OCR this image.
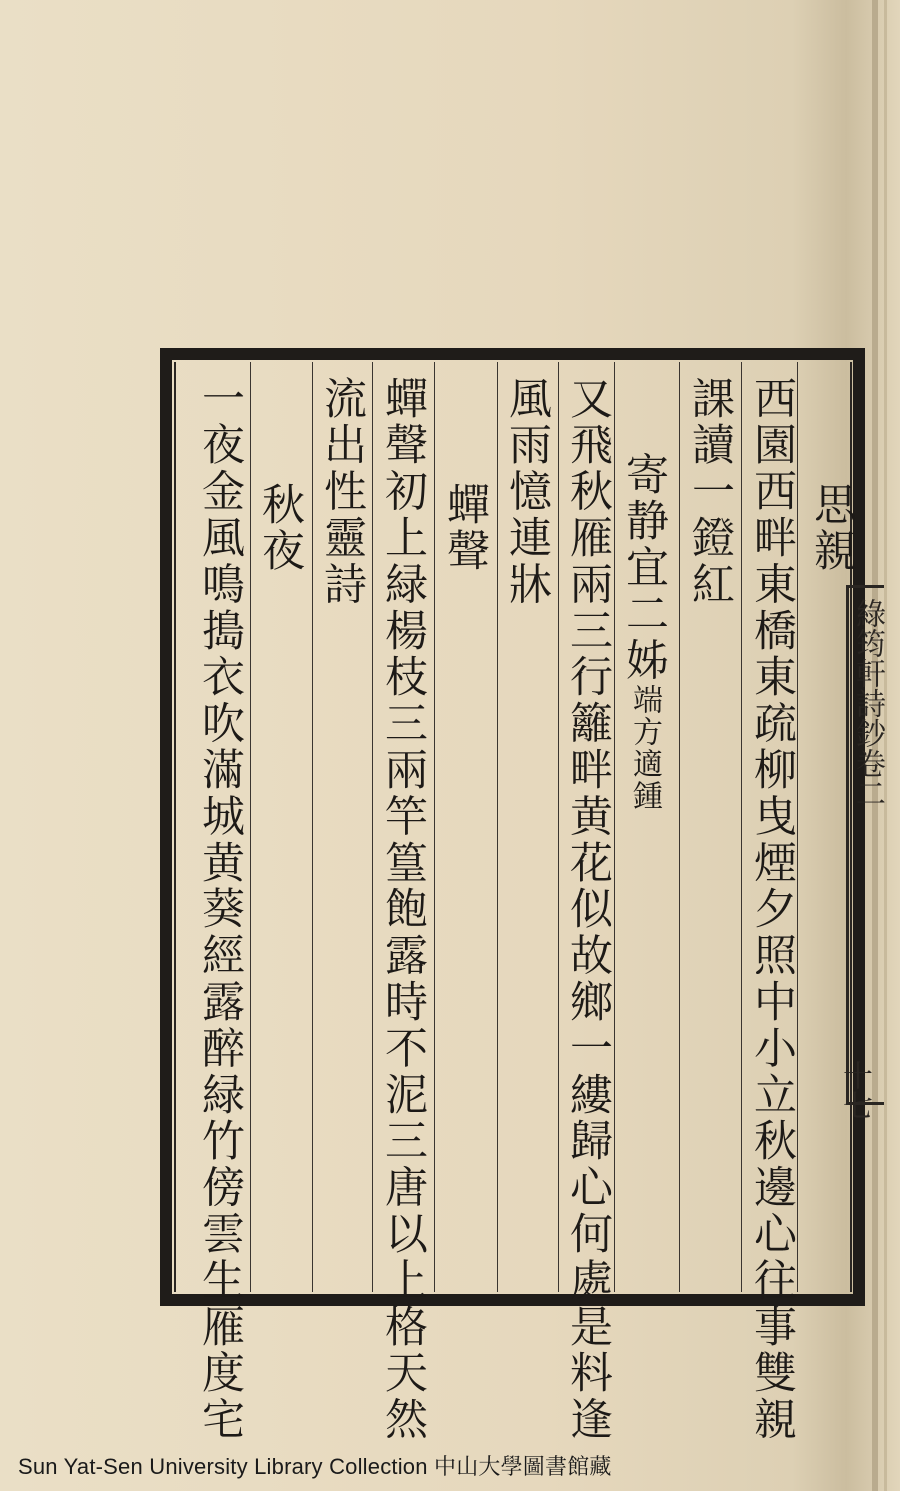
思親
西園西畔東橋東疏柳曳煙夕照中小立秋邊心往事雙親
課讀一鐙紅
寄静宜二姊端方適鍾
又飛秋雁兩三行籬畔黄花似故鄉一縷歸心何處是料逢
風雨憶連牀
蟬聲
蟬聲初上緑楊枝三兩竿篁飽露時不泥三唐以上格天然
流出性靈詩
秋夜
一夜金風鳴搗衣吹滿城黄葵經露醉緑竹傍雲生雁度宅	綠筠軒詩鈔卷二
十七
Sun Yat-Sen University Library Collection 中山大學圖書館藏
